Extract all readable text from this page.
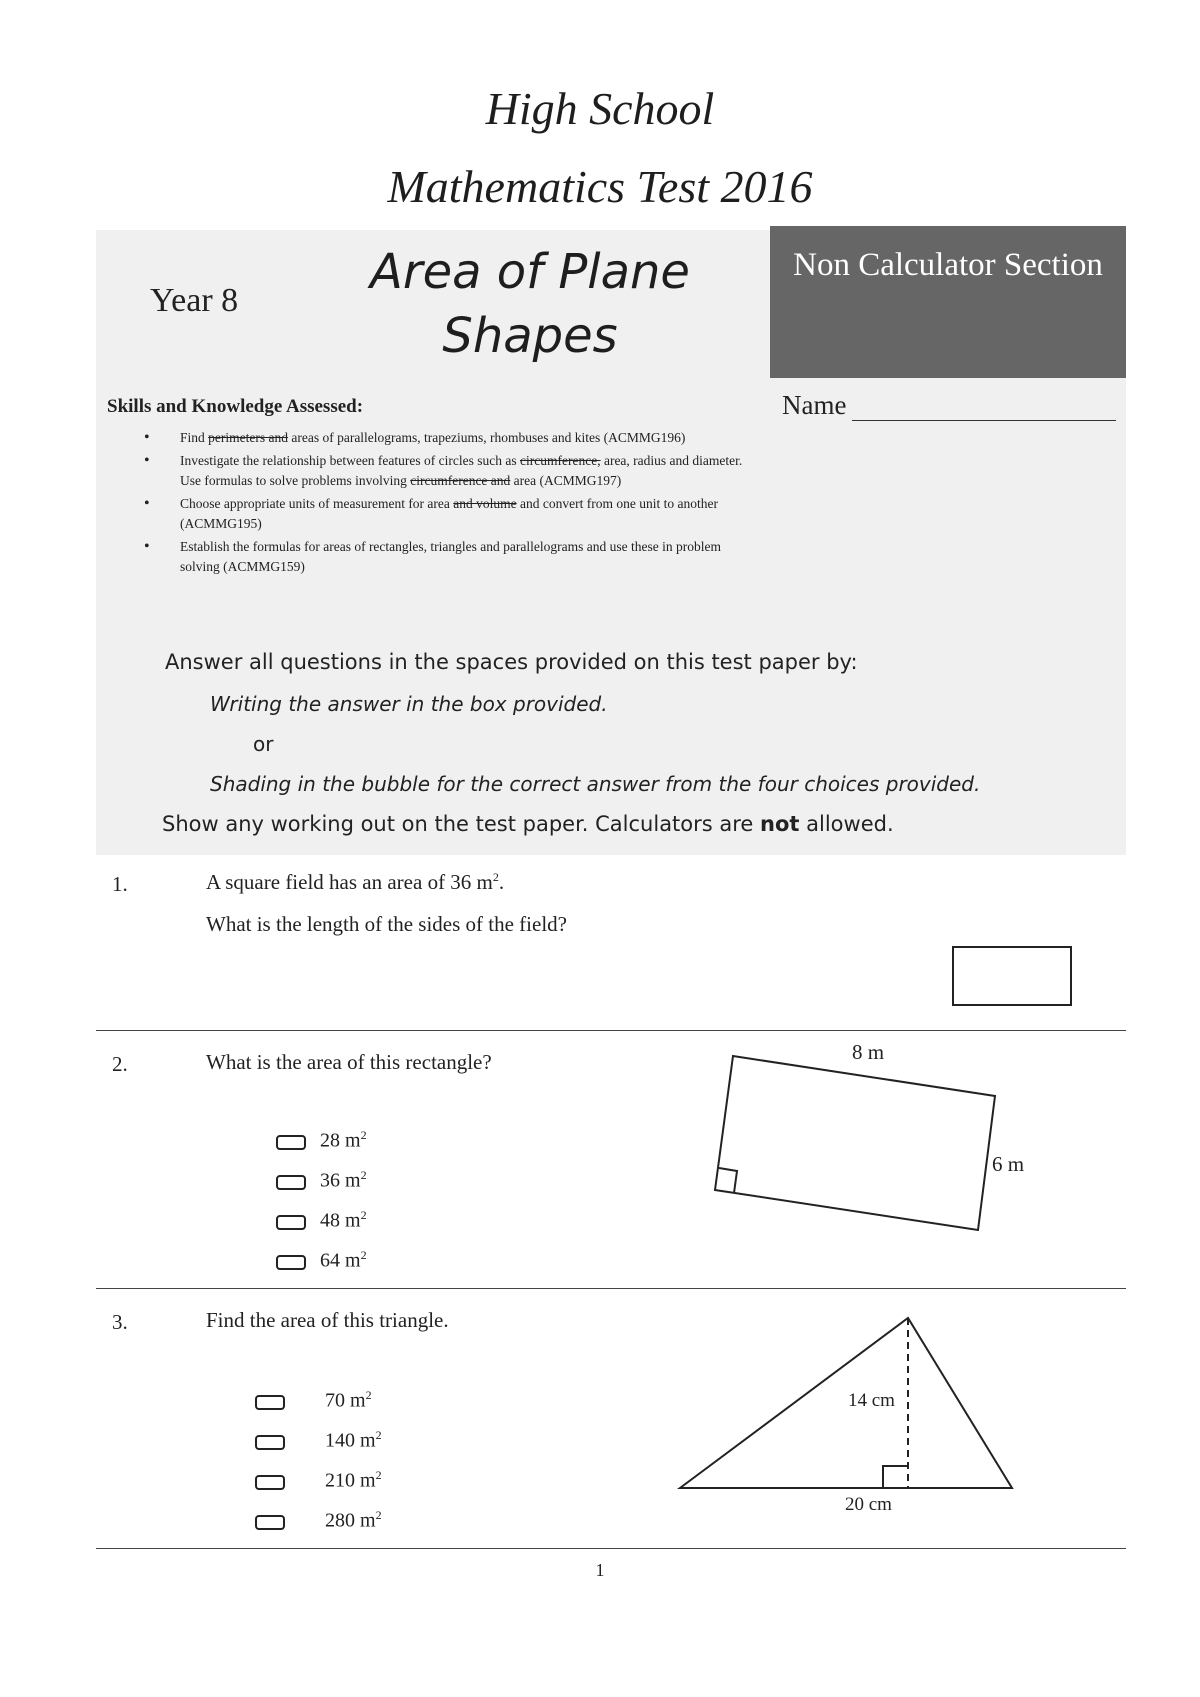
High School
Mathematics Test 2016
Non Calculator Section
Year 8
Area of Plane Shapes
Skills and Knowledge Assessed:	Name
• Find perimeters and areas of parallelograms, trapeziums, rhombuses and kites (ACMMG196)
• Investigate the relationship between features of circles such as circumference, area, radius and diameter. Use formulas to solve problems involving circumference and area (ACMMG197)
• Choose appropriate units of measurement for area and volume and convert from one unit to another (ACMMG195)
• Establish the formulas for areas of rectangles, triangles and parallelograms and use these in problem solving (ACMMG159)
Answer all questions in the spaces provided on this test paper by:
Writing the answer in the box provided.
or
Shading in the bubble for the correct answer from the four choices provided.
Show any working out on the test paper. Calculators are not allowed.
1.	A square field has an area of 36 $m^2$.
What is the length of the sides of the field?
2.	What is the area of this rectangle?
28 $m^2$
36 $m^2$
48 $m^2$
64 $m^2$
8 m
6 m
3.	Find the area of this triangle.
70 $m^2$
140 $m^2$
210 $m^2$
280 $m^2$
14 cm
20 cm
1
